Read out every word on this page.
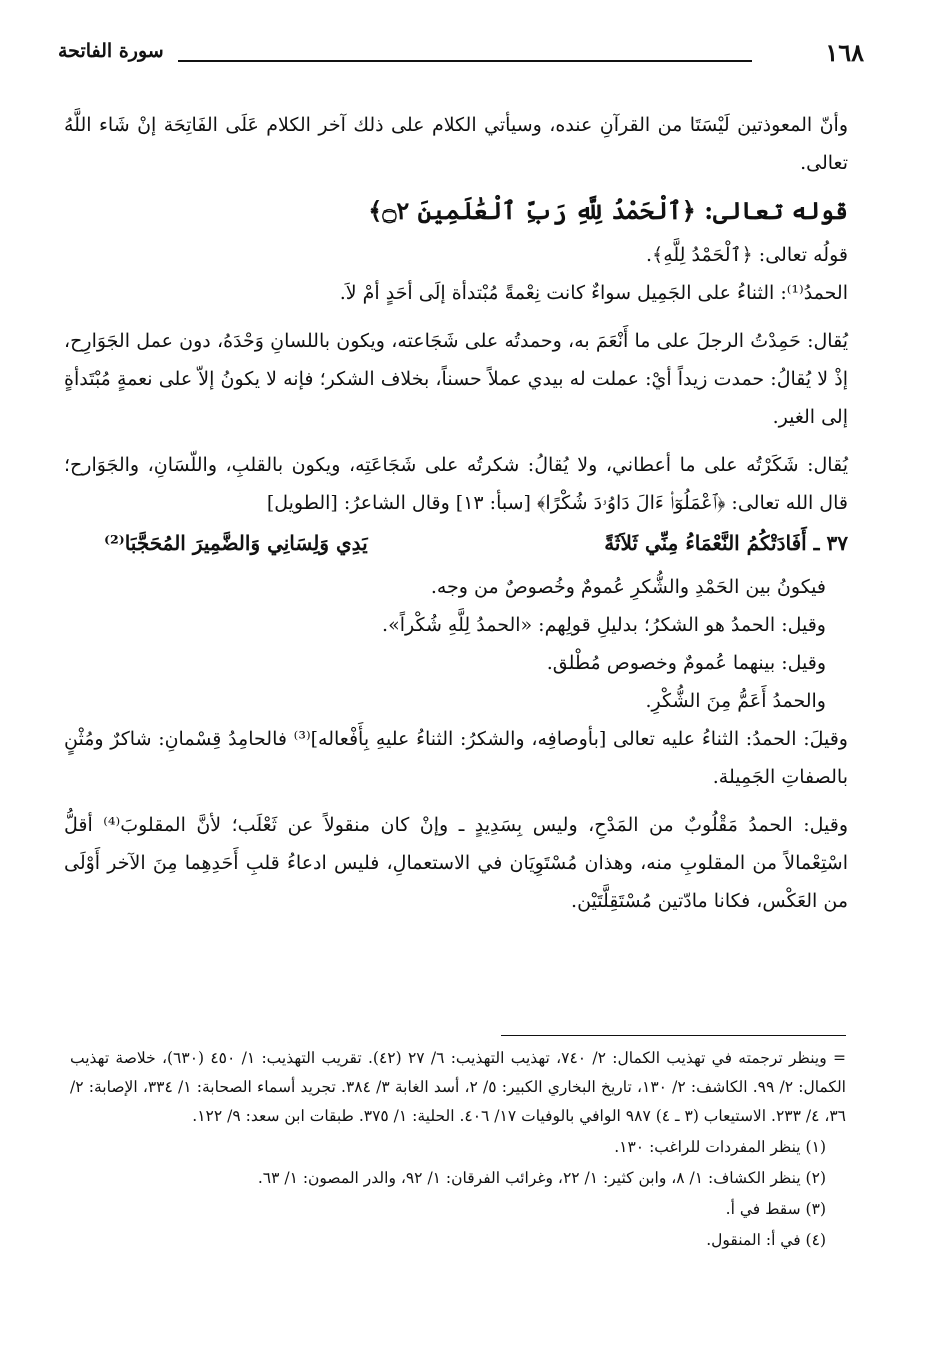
١٦٨
سورة الفاتحة

وأنّ المعوذتين لَيْسَتَا من القرآنِ عنده، وسيأتي الكلام على ذلك آخر الكلام عَلَى الفَاتِحَة إنْ شَاء اللَّهُ تعالى.

قوله تعالى: ﴿ٱلْحَمْدُ لِلَّهِ رَبِّ ٱلْعَٰلَمِينَ ۝٢﴾

قولُه تعالى: ﴿ٱلْحَمْدُ لِلَّهِ﴾.

الحمدُ⁽¹⁾: الثناءُ على الجَمِيل سواءٌ كانت نِعْمةً مُبْتدأة إلَى أحَدٍ أمْ لاَ.

يُقال: حَمِدْتُ الرجلَ على ما أَنْعَمَ به، وحمدتُه على شَجَاعته، ويكون باللسانِ وَحْدَهُ، دون عمل الجَوَارِح، إذْ لا يُقالُ: حمدت زيداً أيْ: عملت له بيدي عملاً حسناً، بخلاف الشكر؛ فإنه لا يكونُ إلاّ على نعمةٍ مُبْتَدأةٍ إلى الغير.

يُقال: شَكَرْتُه على ما أعطاني، ولا يُقالُ: شكرتُه على شَجَاعَتِه، ويكون بالقلبِ، واللّسَانِ، والجَوَارح؛ قال الله تعالى: ﴿ٱعْمَلُوٓا۟ ءَالَ دَاوُۥدَ شُكْرًا﴾ [سبأ: ١٣] وقال الشاعرُ: [الطويل]

٣٧ ـ أَفَادَتْكُمُ النَّعْمَاءُ مِنِّي ثَلاَثَةً
يَدِي وَلِسَانِي وَالضَّمِيرَ المُحَجَّبَا⁽²⁾

فيكونُ بين الحَمْدِ والشُّكرِ عُمومٌ وخُصوصٌ من وجه.

وقيل: الحمدُ هو الشكرُ؛ بدليلِ قولِهم: «الحمدُ لِلَّهِ شُكْراً».

وقيل: بينهما عُمومٌ وخصوص مُطْلق.

والحمدُ أَعَمُّ مِنَ الشُّكْرِ.

وقيلَ: الحمدُ: الثناءُ عليه تعالى [بأوصافِه، والشكرُ: الثناءُ عليهِ بِأَفْعاله]⁽³⁾ فالحامِدُ قِسْمانِ: شاكرٌ ومُثْنٍ بالصفاتِ الجَمِيلة.

وقيل: الحمدُ مَقْلُوبٌ من المَدْحِ، وليس بِسَدِيدٍ ـ وإنْ كان منقولاً عن ثَعْلَب؛ لأنَّ المقلوبَ⁽⁴⁾ أقلُّ اسْتِعْمالاً من المقلوبِ منه، وهذان مُسْتَوِيَان في الاستعمالِ، فليس ادعاءُ قلبِ أَحَدِهِما مِنَ الآخر أَوْلَى من العَكْس، فكانا مادّتين مُسْتَقِلَّتَيْن.

= وينظر ترجمته في تهذيب الكمال: ٢/ ٧٤٠، تهذيب التهذيب: ٦/ ٢٧ (٤٢). تقريب التهذيب: ١/ ٤٥٠ (٦٣٠)، خلاصة تهذيب الكمال: ٢/ ٩٩. الكاشف: ٢/ ١٣٠، تاريخ البخاري الكبير: ٥/ ٢، أسد الغابة ٣/ ٣٨٤. تجريد أسماء الصحابة: ١/ ٣٣٤، الإصابة: ٢/ ٣٦، ٤/ ٢٣٣. الاستيعاب (٣ ـ ٤) ٩٨٧ الوافي بالوفيات ١٧/ ٤٠٦. الحلية: ١/ ٣٧٥. طبقات ابن سعد: ٩/ ١٢٢.

(١) ينظر المفردات للراغب: ١٣٠.

(٢) ينظر الكشاف: ١/ ٨، وابن كثير: ١/ ٢٢، وغرائب الفرقان: ١/ ٩٢، والدر المصون: ١/ ٦٣.

(٣) سقط في أ.

(٤) في أ: المنقول.
